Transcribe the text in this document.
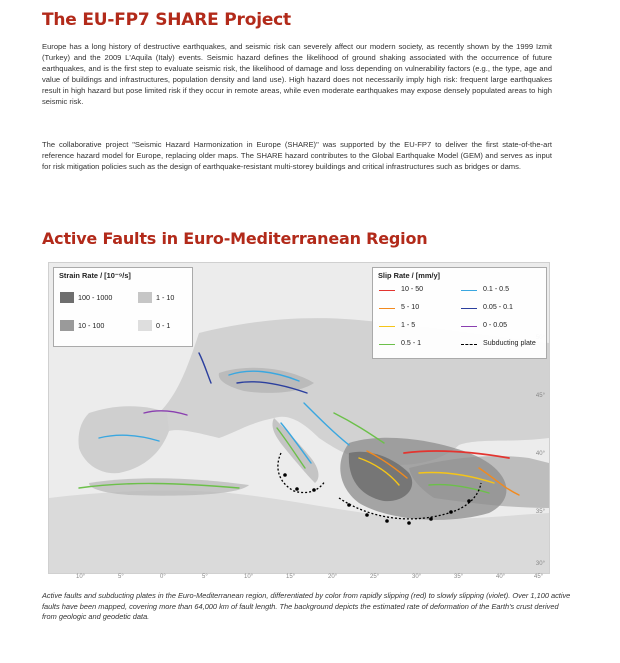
The EU-FP7 SHARE Project
Europe has a long history of destructive earthquakes, and seismic risk can severely affect our modern society, as recently shown by the 1999 Izmit (Turkey) and the 2009 L'Aquila (Italy) events. Seismic hazard defines the likelihood of ground shaking associated with the occurrence of future earthquakes, and is the first step to evaluate seismic risk, the likelihood of damage and loss depending on vulnerability factors (e.g., the type, age and value of buildings and infrastructures, population density and land use). High hazard does not necessarily imply high risk: frequent large earthquakes result in high hazard but pose limited risk if they occur in remote areas, while even moderate earthquakes may expose densely populated areas to high seismic risk.
The collaborative project "Seismic Hazard Harmonization in Europe (SHARE)" was supported by the EU-FP7 to deliver the first state-of-the-art reference hazard model for Europe, replacing older maps. The SHARE hazard contributes to the Global Earthquake Model (GEM) and serves as input for risk mitigation policies such as the design of earthquake-resistant multi-storey buildings and critical infrastructures such as bridges or dams.
Active Faults in Euro-Mediterranean Region
45°
40°
35°
30°
Strain Rate / [10⁻⁹/s]
100 - 1000	1 - 10
10 - 100	0 - 1
Slip Rate / [mm/y]
10 - 50	0.1 - 0.5
5 - 10	0.05 - 0.1
1 - 5	0 - 0.05
0.5 - 1	Subducting plate
10°	5°	0°	5°	10°	15°	20°	25°	30°	35°	40°	45°
Active faults and subducting plates in the Euro-Mediterranean region, differentiated by color from rapidly slipping (red) to slowly slipping (violet). Over 1,100 active faults have been mapped, covering more than 64,000 km of fault length. The background depicts the estimated rate of deformation of the Earth's crust derived from geologic and geodetic data.
